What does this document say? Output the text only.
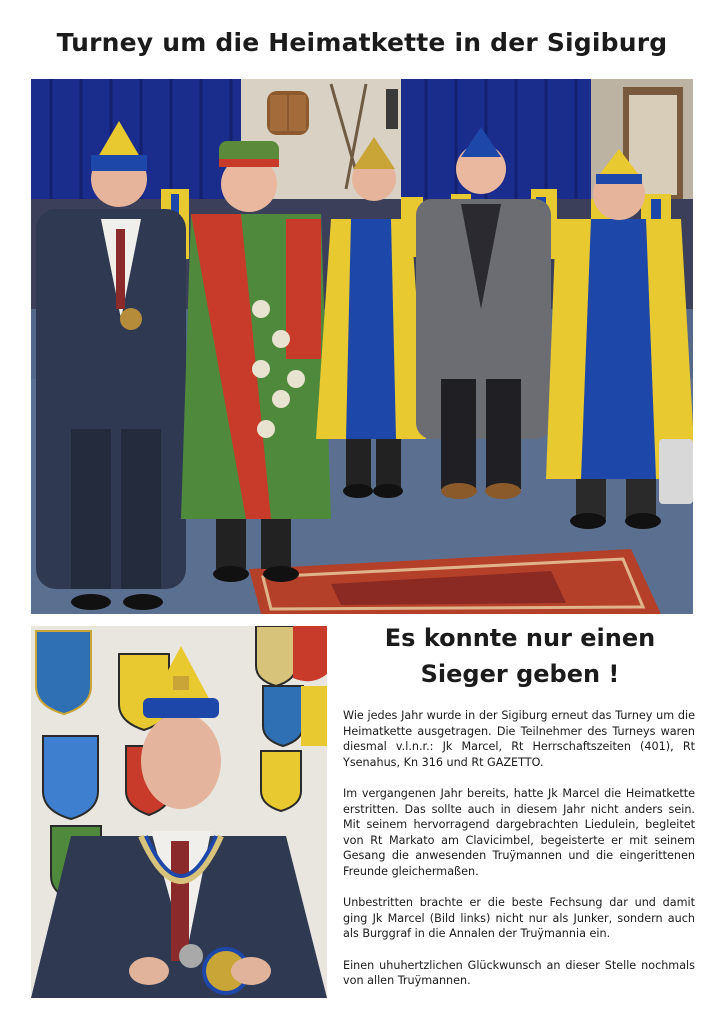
Turney um die Heimatkette in der Sigiburg
Es konnte nur einen
Sieger geben !

Wie jedes Jahr wurde in der Sigiburg erneut das Turney um die Heimatkette ausgetragen. Die Teilnehmer des Turneys waren diesmal v.l.n.r.: Jk Marcel, Rt Herrschaftszeiten (401), Rt Ysenahus, Kn 316 und Rt GAZETTO.

Im vergangenen Jahr bereits, hatte Jk Marcel die Heimatkette erstritten. Das sollte auch in diesem Jahr nicht anders sein. Mit seinem hervorragend dargebrachten Liedulein, begleitet von Rt Markato am Clavicimbel, begeisterte er mit seinem Gesang die anwesenden Truÿmannen und die eingerittenen Freunde gleichermaßen.

Unbestritten brachte er die beste Fechsung dar und damit ging Jk Marcel (Bild links) nicht nur als Junker, sondern auch als Burggraf in die Annalen der Truÿmannia ein.

Einen uhuhertzlichen Glückwunsch an dieser Stelle nochmals von allen Truÿmannen.
